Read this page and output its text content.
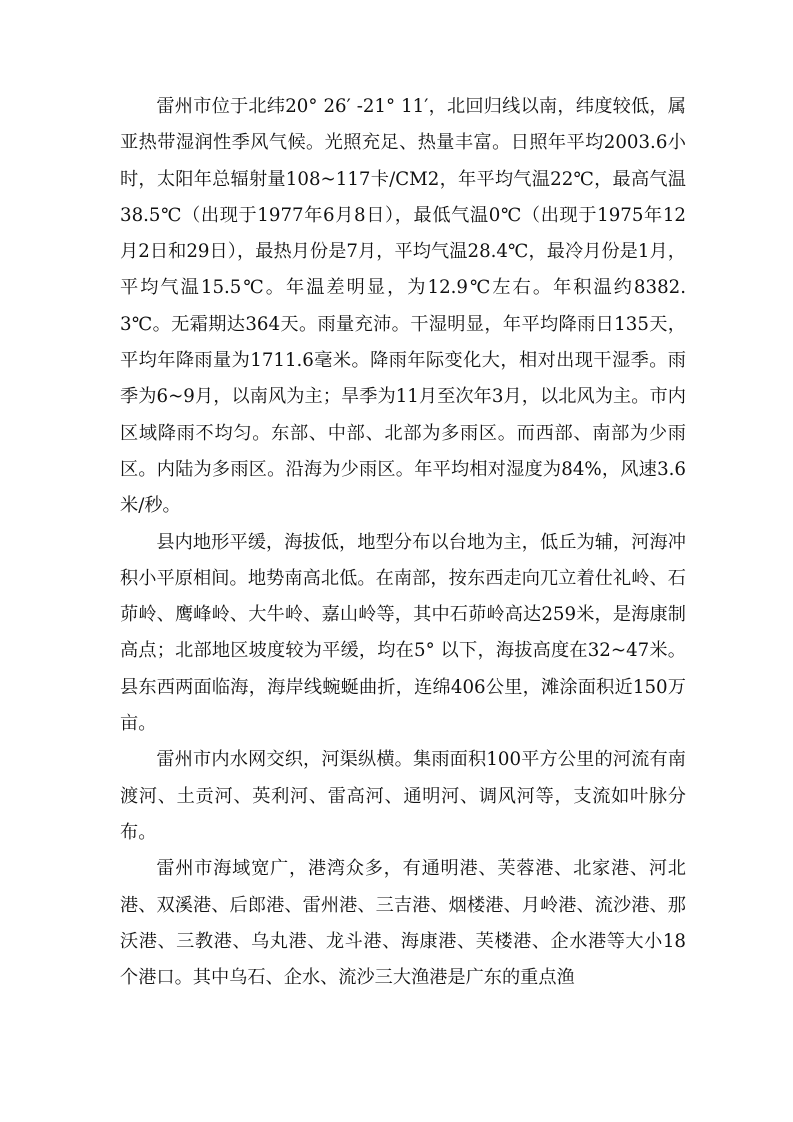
雷州市位于北纬20° 26′ -21° 11′，北回归线以南，纬度较低，属亚热带湿润性季风气候。光照充足、热量丰富。日照年平均2003.6小时，太阳年总辐射量108~117卡/CM2，年平均气温22℃，最高气温38.5℃（出现于1977年6月8日），最低气温0℃（出现于1975年12月2日和29日），最热月份是7月，平均气温28.4℃，最冷月份是1月，平均气温15.5℃。年温差明显，为12.9℃左右。年积温约8382.3℃。无霜期达364天。雨量充沛。干湿明显，年平均降雨日135天，平均年降雨量为1711.6毫米。降雨年际变化大，相对出现干湿季。雨季为6~9月，以南风为主；旱季为11月至次年3月，以北风为主。市内区域降雨不均匀。东部、中部、北部为多雨区。而西部、南部为少雨区。内陆为多雨区。沿海为少雨区。年平均相对湿度为84%，风速3.6米/秒。

县内地形平缓，海拔低，地型分布以台地为主，低丘为辅，河海冲积小平原相间。地势南高北低。在南部，按东西走向兀立着仕礼岭、石茆岭、鹰峰岭、大牛岭、嘉山岭等，其中石茆岭高达259米，是海康制高点；北部地区坡度较为平缓，均在5° 以下，海拔高度在32~47米。县东西两面临海，海岸线蜿蜒曲折，连绵406公里，滩涂面积近150万亩。

雷州市内水网交织，河渠纵横。集雨面积100平方公里的河流有南渡河、土贡河、英利河、雷高河、通明河、调风河等，支流如叶脉分布。

雷州市海域宽广，港湾众多，有通明港、芙蓉港、北家港、河北港、双溪港、后郎港、雷州港、三吉港、烟楼港、月岭港、流沙港、那沃港、三教港、乌丸港、龙斗港、海康港、芙楼港、企水港等大小18个港口。其中乌石、企水、流沙三大渔港是广东的重点渔
